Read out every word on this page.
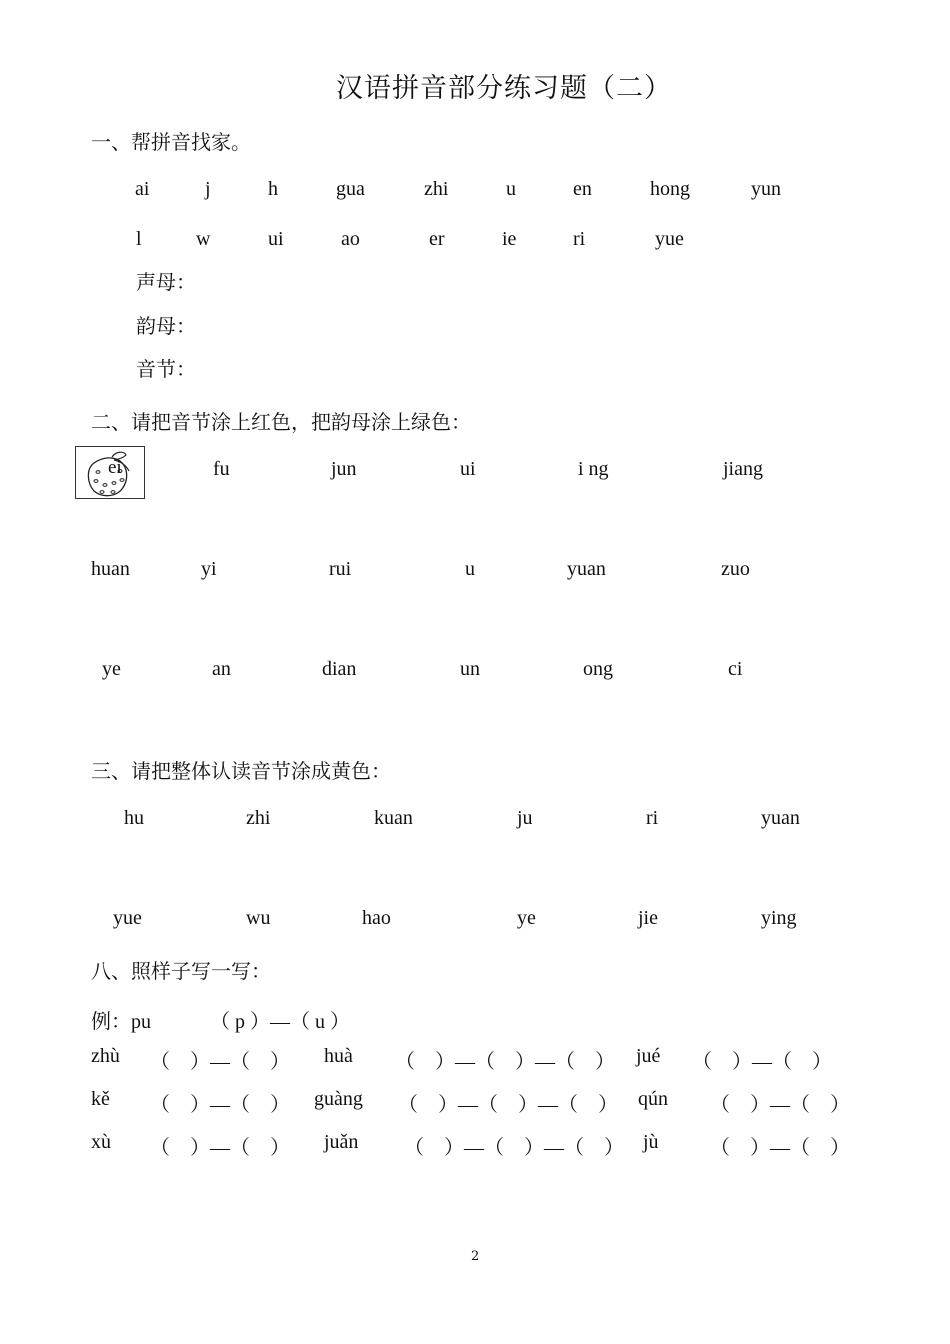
汉语拼音部分练习题（二）
一、帮拼音找家。
ai	j	h	gua	zhi	u	en	hong	yun
l	w	ui	ao	er	ie	ri	yue
声母：
韵母：
音节：
二、请把音节涂上红色，把韵母涂上绿色：
ei	fu	jun	ui	i ng	jiang
huan	yi	rui	u	yuan	zuo
ye	an	dian	un	ong	ci
三、请把整体认读音节涂成黄色：
hu	zhi	kuan	ju	ri	yuan
yue	wu	hao	ye	jie	ying
八、照样子写一写：
例：pu	（ p ）—（ u ）
zhù （　）—（　） huà （　）—（　）—（　） jué （　）—（　）
kě （　）—（　） guàng （　）—（　）—（　） qún （　）—（　）
xù （　）—（　） juǎn （　）—（　）—（　） jù	（　）—（　）
2
